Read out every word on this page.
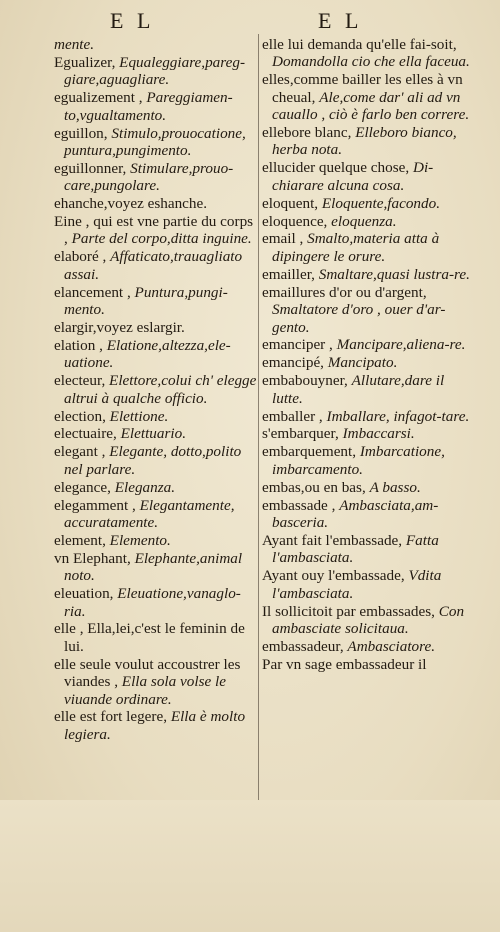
E L	E L
mente.
Egualizer, Equaleggiare,pareg-giare,aguagliare.
egualizement , Pareggiamen-to,vgualtamento.
eguillon, Stimulo,prouocatione, puntura,pungimento.
eguillonner, Stimulare,prouo-care,pungolare.
ehanche,voyez eshanche.
Eine , qui est vne partie du corps , Parte del corpo,ditta inguine.
elaboré , Affaticato,trauagliato assai.
elancement , Puntura,pungi-mento.
elargir,voyez eslargir.
elation , Elatione,altezza,ele-uatione.
electeur, Elettore,colui ch' elegge altrui à qualche officio.
election, Elettione.
electuaire, Elettuario.
elegant , Elegante, dotto,polito nel parlare.
elegance, Eleganza.
elegamment , Elegantamente, accuratamente.
element, Elemento.
vn Elephant, Elephante,animal noto.
eleuation, Eleuatione,vanaglo-ria.
elle , Ella,lei,c'est le feminin de lui.
elle seule voulut accoustrer les viandes , Ella sola volse le viuande ordinare.
elle est fort legere, Ella è molto legiera.
elle lui demanda qu'elle fai-soit, Domandolla cio che ella faceua.
elles,comme bailler les elles à vn cheual, Ale,come dar' ali ad vn cauallo , ciò è farlo ben correre.
ellebore blanc, Elleboro bianco, herba nota.
ellucider quelque chose, Di-chiarare alcuna cosa.
eloquent, Eloquente,facondo.
eloquence, eloquenza.
email , Smalto,materia atta à dipingere le orure.
emailler, Smaltare,quasi lustra-re.
emaillures d'or ou d'argent, Smaltatore d'oro , ouer d'ar-gento.
emanciper , Mancipare,aliena-re.
emancipé, Mancipato.
embabouyner, Allutare,dare il lutte.
emballer , Imballare, infagot-tare.
s'embarquer, Imbaccarsi.
embarquement, Imbarcatione, imbarcamento.
embas,ou en bas, A basso.
embassade , Ambasciata,am-basceria.
Ayant fait l'embassade, Fatta l'ambasciata.
Ayant ouy l'embassade, Vdita l'ambasciata.
Il sollicitoit par embassades, Con ambasciate solicitaua.
embassadeur, Ambasciatore.
Par vn sage embassadeur il
